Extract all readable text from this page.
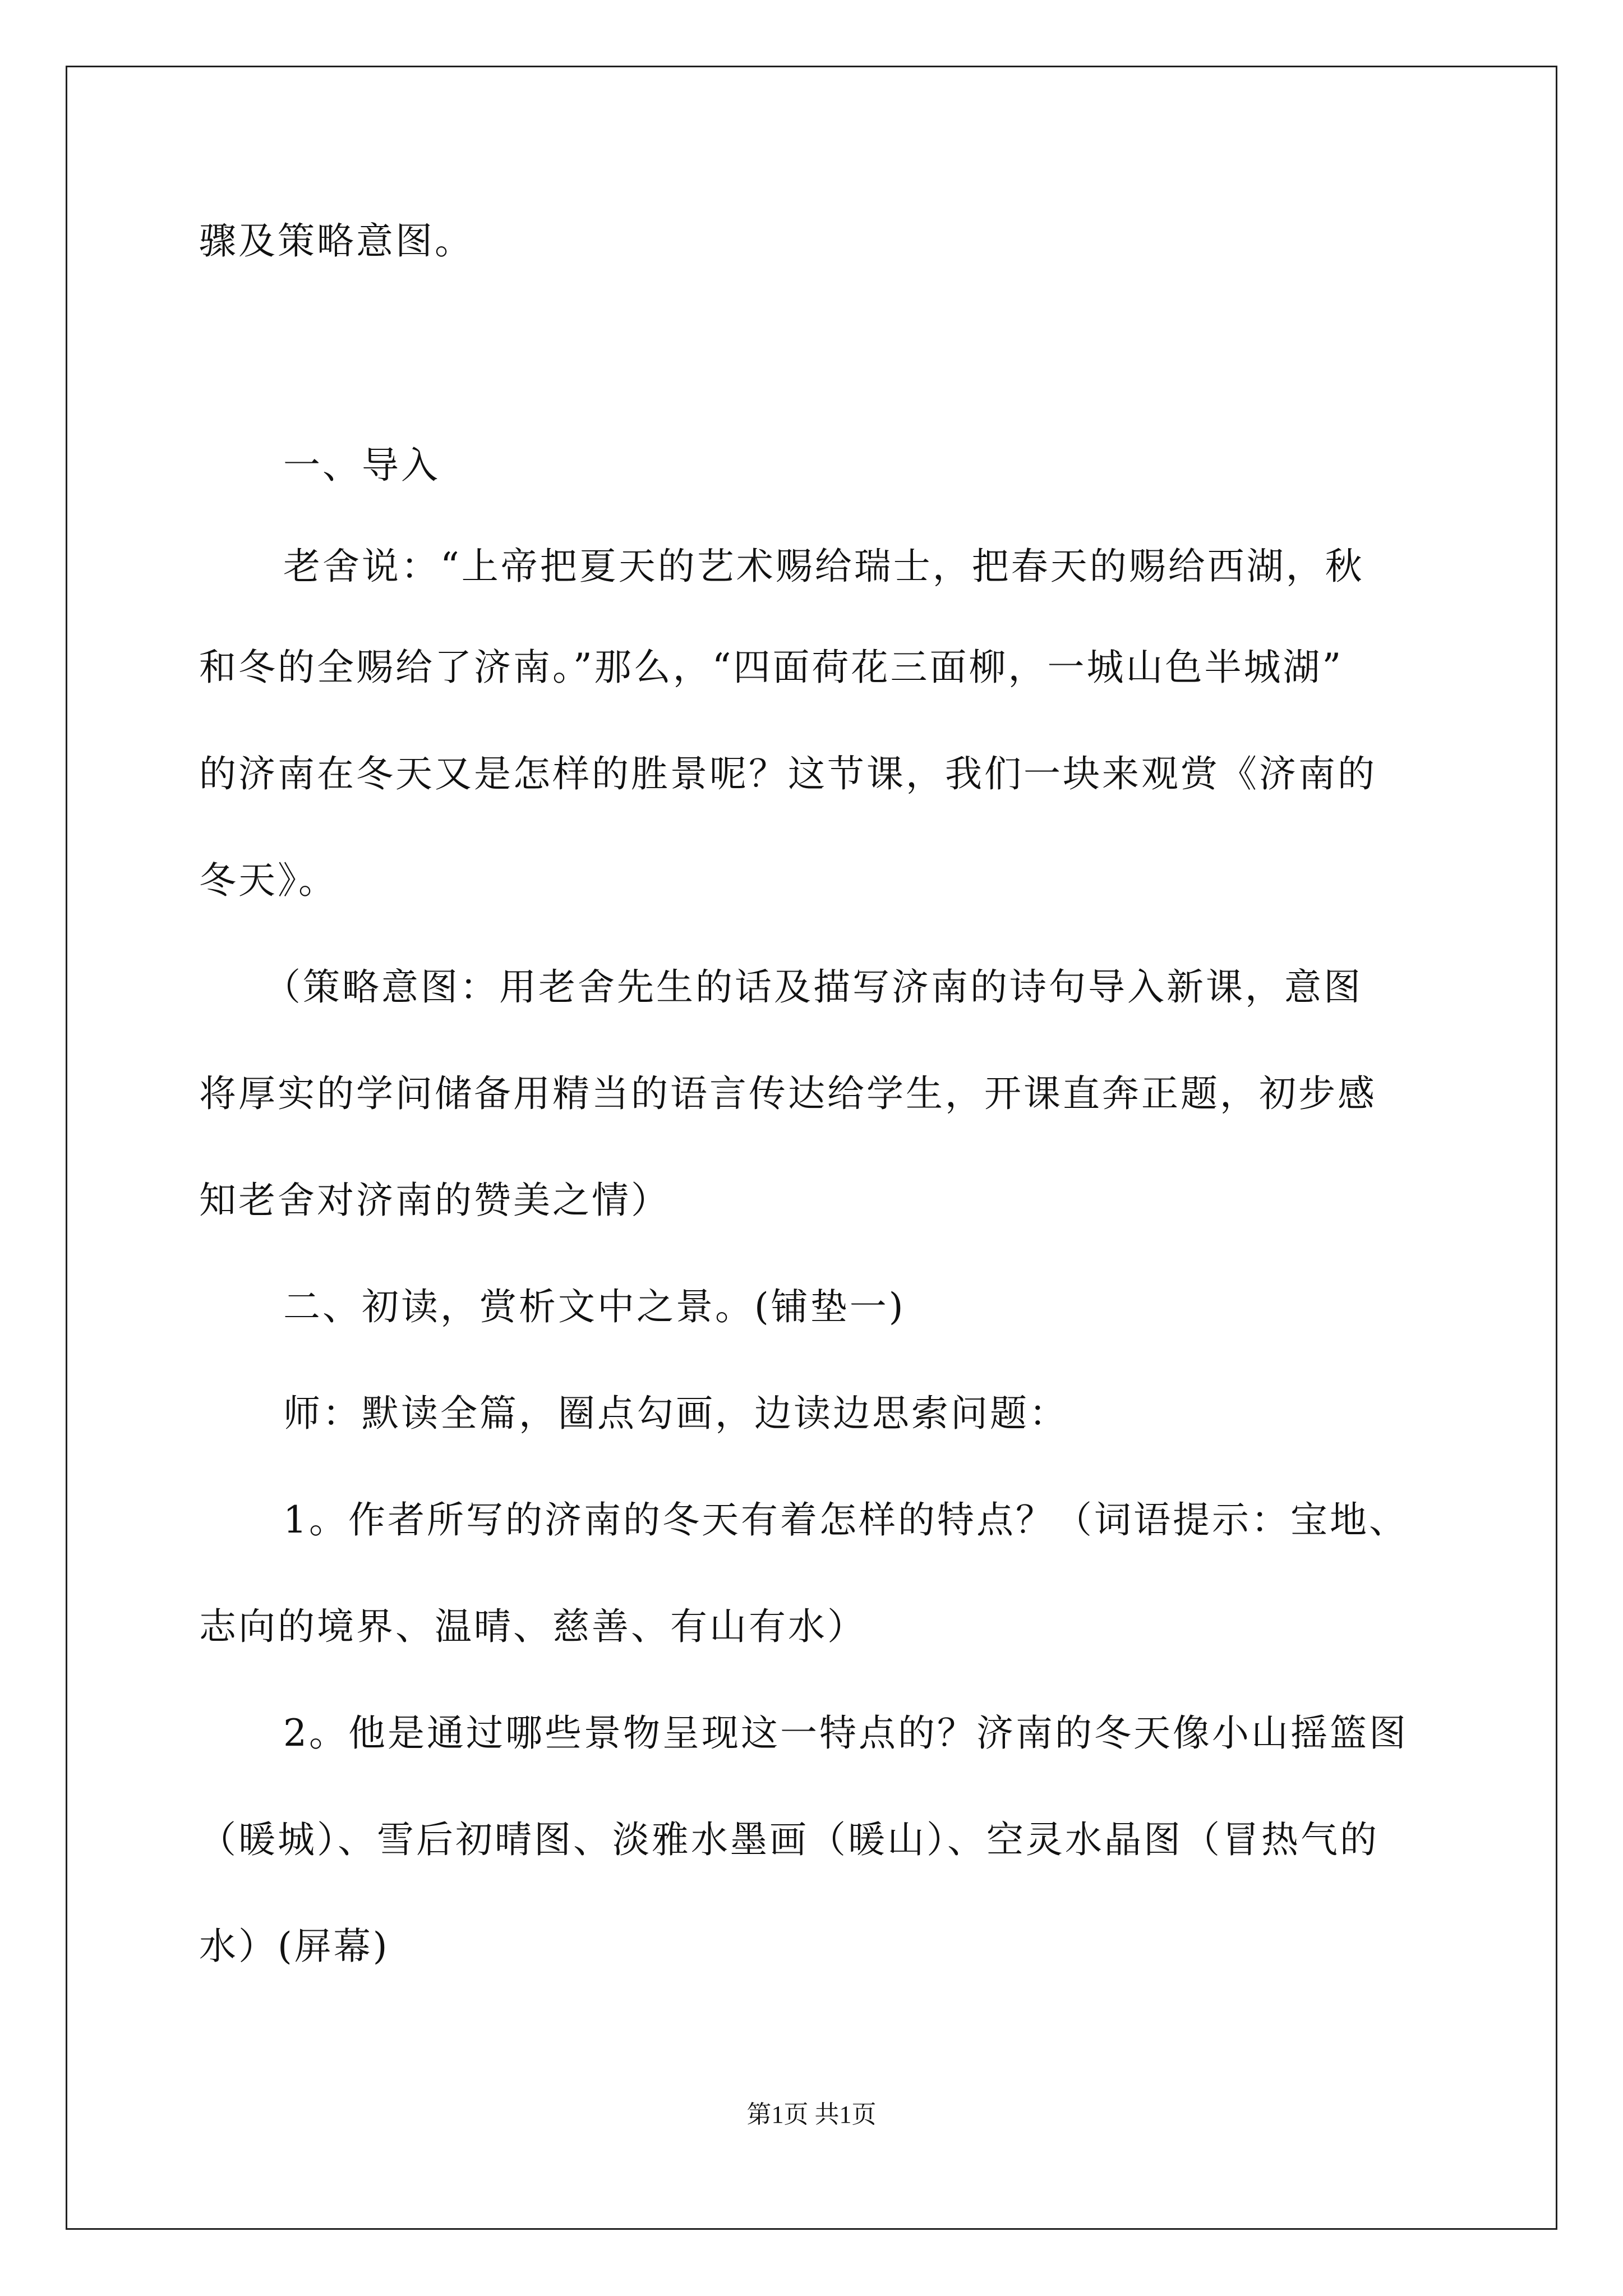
骤及策略意图。
一、导入
老舍说：“上帝把夏天的艺术赐给瑞士，把春天的赐给西湖，秋
和冬的全赐给了济南。”那么，“四面荷花三面柳，一城山色半城湖”
的济南在冬天又是怎样的胜景呢？这节课，我们一块来观赏《济南的
冬天》。
（策略意图：用老舍先生的话及描写济南的诗句导入新课，意图
将厚实的学问储备用精当的语言传达给学生，开课直奔正题，初步感
知老舍对济南的赞美之情）
二、初读，赏析文中之景。(铺垫一)
师：默读全篇，圈点勾画，边读边思索问题：
1。作者所写的济南的冬天有着怎样的特点？（词语提示：宝地、
志向的境界、温晴、慈善、有山有水）
2。他是通过哪些景物呈现这一特点的？济南的冬天像小山摇篮图
（暖城）、雪后初晴图、淡雅水墨画（暖山）、空灵水晶图（冒热气的
水）(屏幕)
第1页 共1页
